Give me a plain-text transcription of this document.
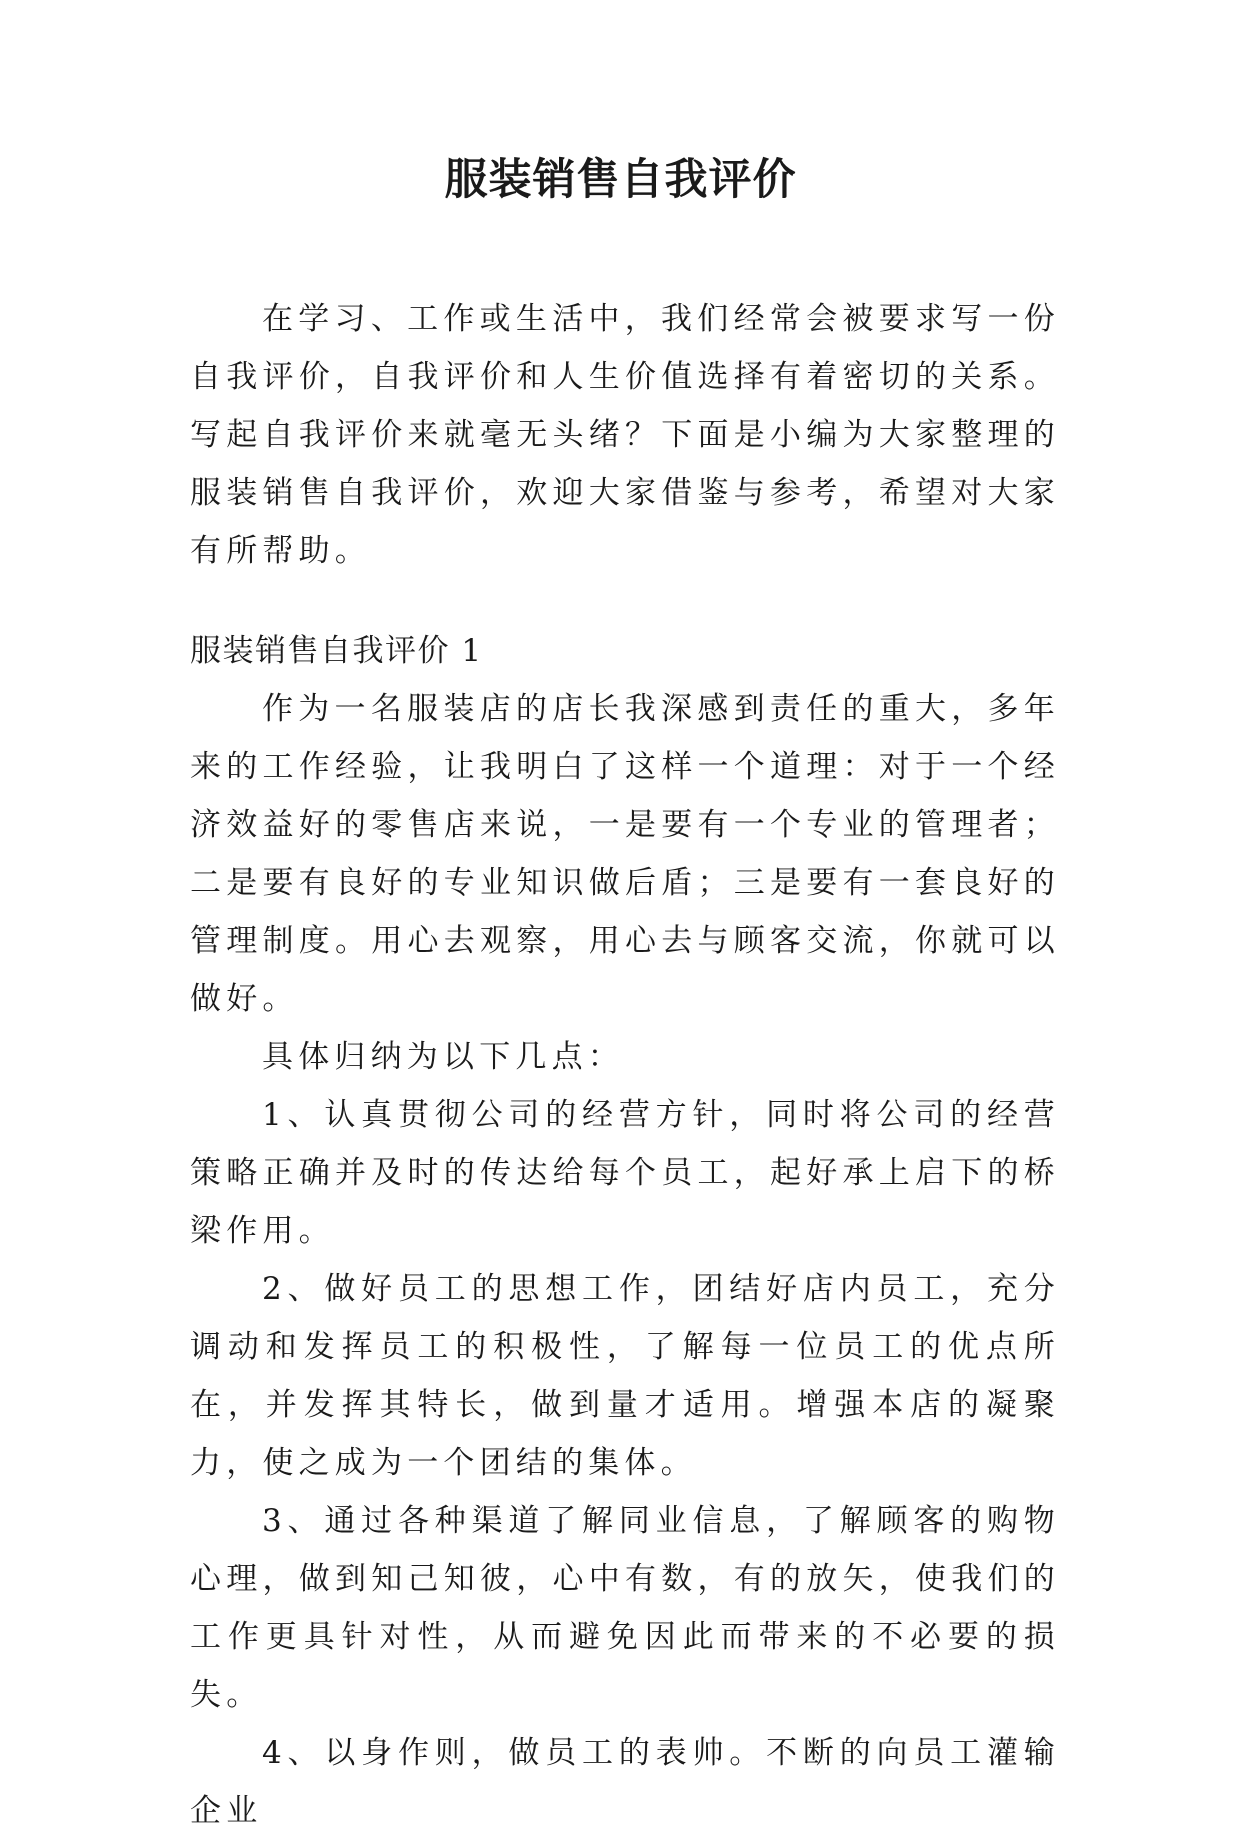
服装销售自我评价

在学习、工作或生活中，我们经常会被要求写一份自我评价，自我评价和人生价值选择有着密切的关系。写起自我评价来就毫无头绪？下面是小编为大家整理的服装销售自我评价，欢迎大家借鉴与参考，希望对大家有所帮助。

服装销售自我评价 1

作为一名服装店的店长我深感到责任的重大，多年来的工作经验，让我明白了这样一个道理：对于一个经济效益好的零售店来说，一是要有一个专业的管理者；二是要有良好的专业知识做后盾；三是要有一套良好的管理制度。用心去观察，用心去与顾客交流，你就可以做好。

具体归纳为以下几点：

1、认真贯彻公司的经营方针，同时将公司的经营策略正确并及时的传达给每个员工，起好承上启下的桥梁作用。

2、做好员工的思想工作，团结好店内员工，充分调动和发挥员工的积极性，了解每一位员工的优点所在，并发挥其特长，做到量才适用。增强本店的凝聚力，使之成为一个团结的集体。

3、通过各种渠道了解同业信息，了解顾客的购物心理，做到知己知彼，心中有数，有的放矢，使我们的工作更具针对性，从而避免因此而带来的不必要的损失。

4、以身作则，做员工的表帅。不断的向员工灌输企业
